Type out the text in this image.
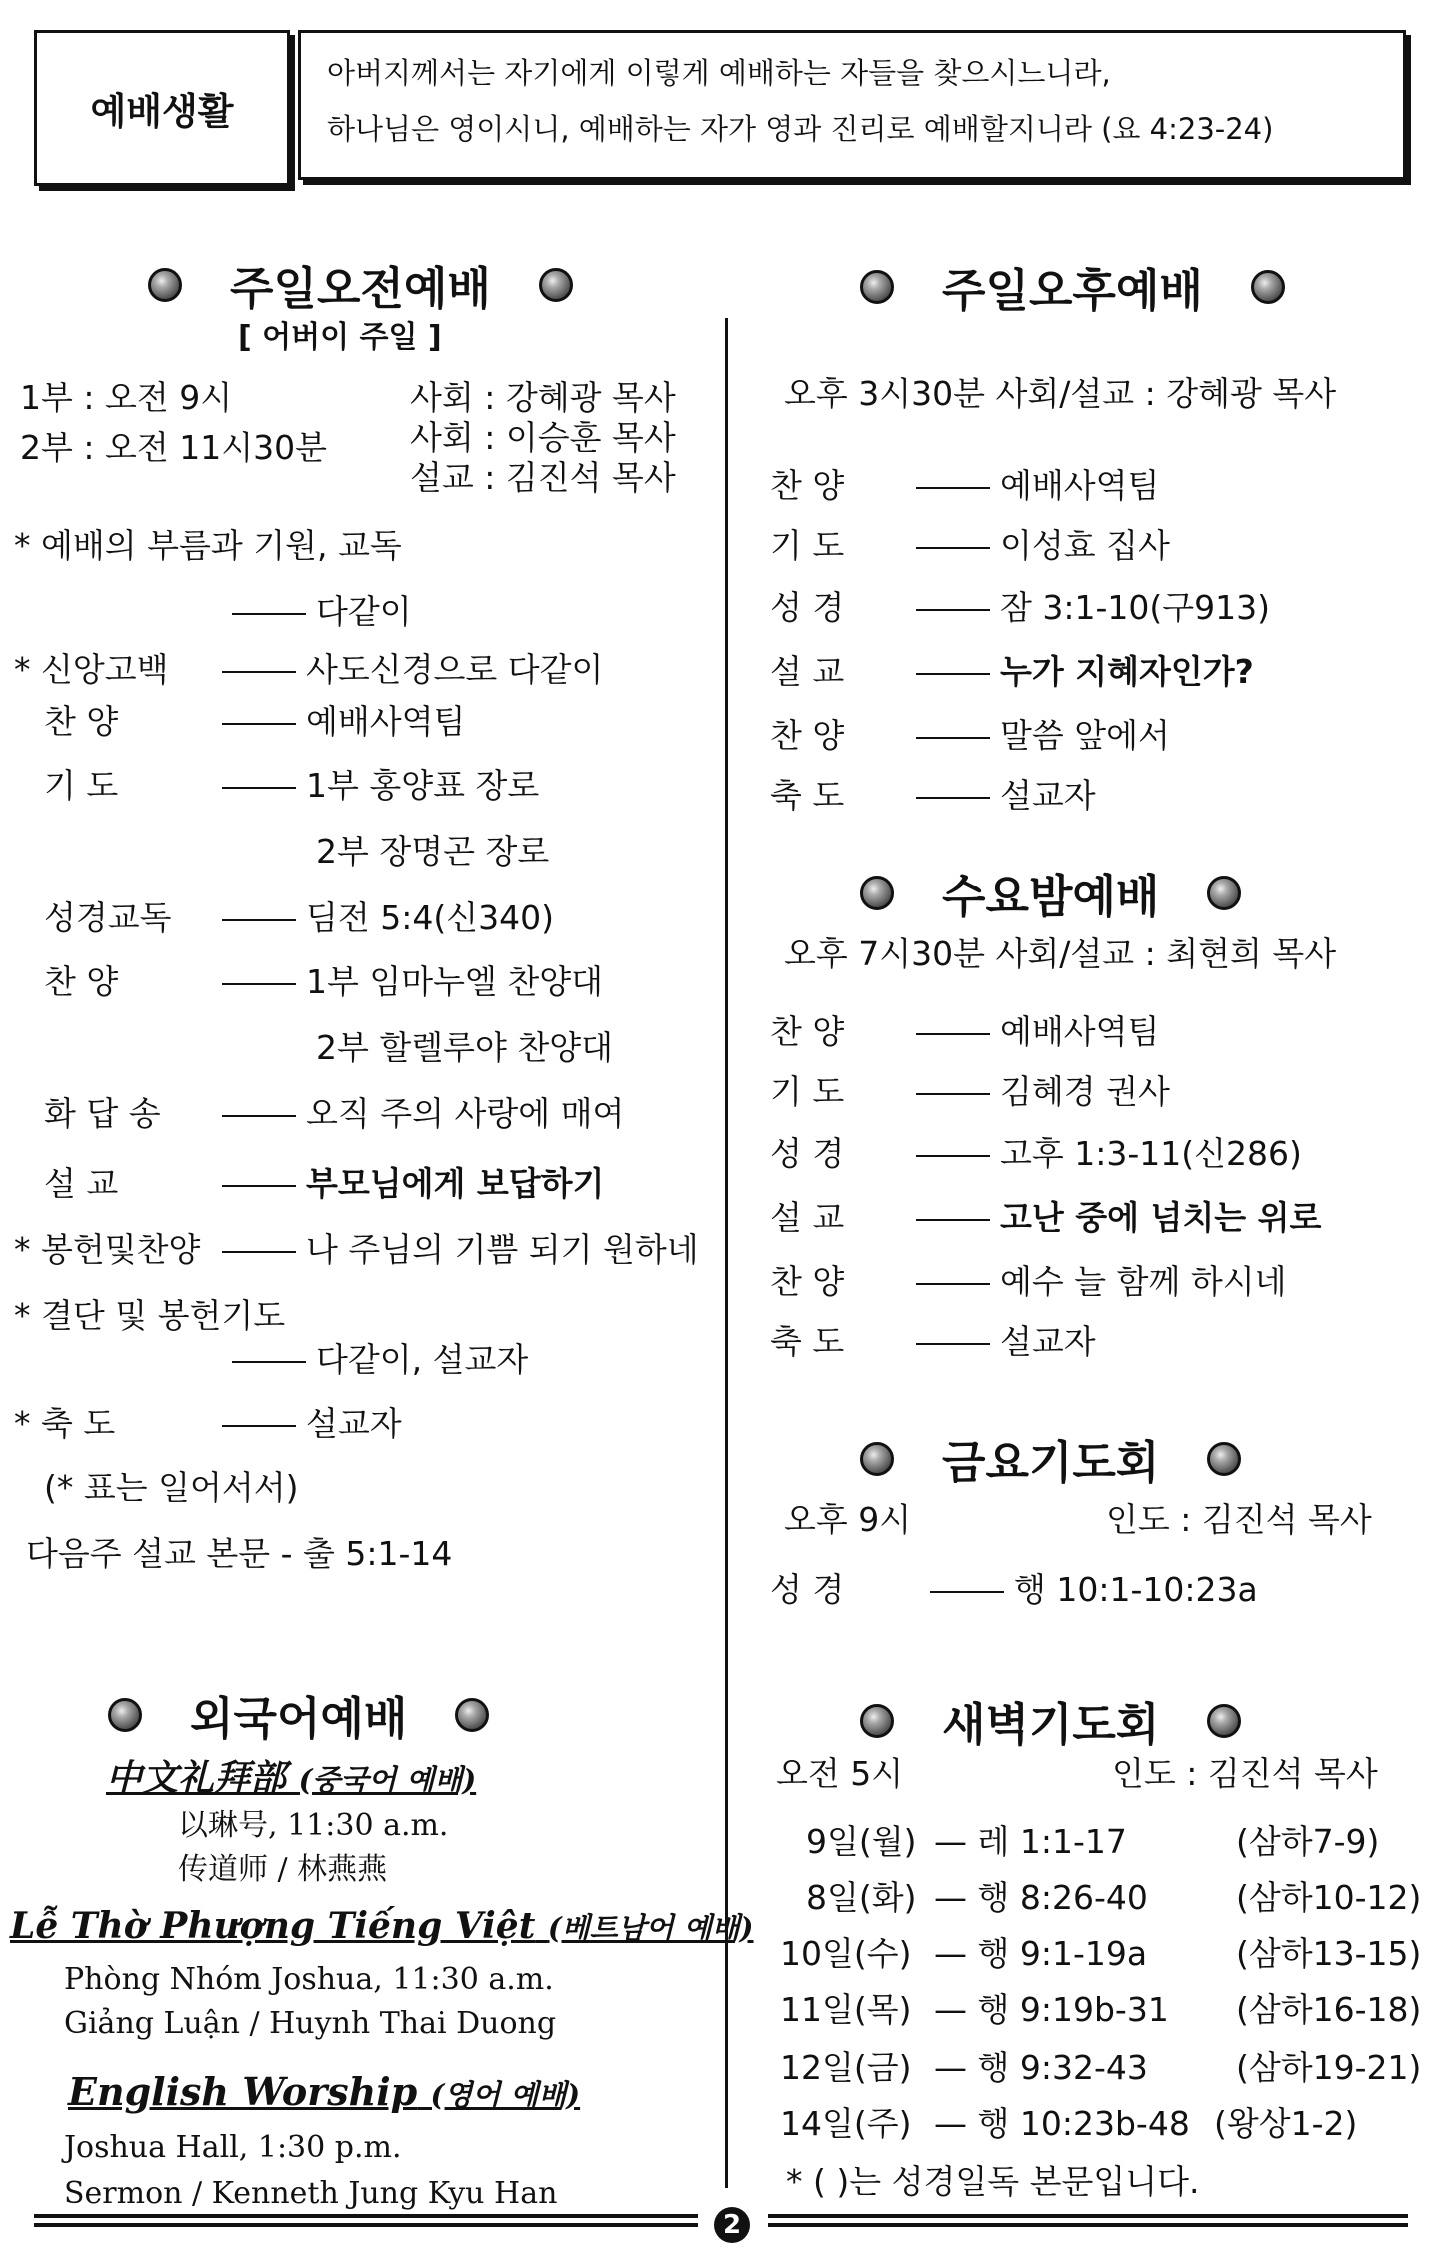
예배생활
아버지께서는 자기에게 이렇게 예배하는 자들을 찾으시느니라,
하나님은 영이시니, 예배하는 자가 영과 진리로 예배할지니라 (요 4:23-24)
주일오전예배
[ 어버이 주일 ]
1부 : 오전 9시
2부 : 오전 11시30분
사회 : 강혜광 목사
사회 : 이승훈 목사
설교 : 김진석 목사
* 예배의 부름과 기원, 교독
다같이
* 신앙고백	사도신경으로 다같이
찬 양	예배사역팀
기 도	1부 홍양표 장로
2부 장명곤 장로
성경교독	딤전 5:4(신340)
찬 양	1부 임마누엘 찬양대
2부 할렐루야 찬양대
화 답 송	오직 주의 사랑에 매여
설 교	부모님에게 보답하기
* 봉헌및찬양	나 주님의 기쁨 되기 원하네
* 결단 및 봉헌기도
다같이, 설교자
* 축 도	설교자
(* 표는 일어서서)
다음주 설교 본문 - 출 5:1-14
외국어예배
中文礼拜部 (중국어 예배)
以琳号, 11:30 a.m.
传道师 / 林燕燕
Lễ Thờ Phượng Tiếng Việt (베트남어 예배)
Phòng Nhóm Joshua, 11:30 a.m.
Giảng Luận / Huynh Thai Duong
English Worship (영어 예배)
Joshua Hall, 1:30 p.m.
Sermon / Kenneth Jung Kyu Han
주일오후예배
오후 3시30분 사회/설교 : 강혜광 목사
찬 양	예배사역팀
기 도	이성효 집사
성 경	잠 3:1-10(구913)
설 교	누가 지혜자인가?
찬 양	말씀 앞에서
축 도	설교자
수요밤예배
오후 7시30분 사회/설교 : 최현희 목사
찬 양	예배사역팀
기 도	김혜경 권사
성 경	고후 1:3-11(신286)
설 교	고난 중에 넘치는 위로
찬 양	예수 늘 함께 하시네
축 도	설교자
금요기도회
오후 9시	인도 : 김진석 목사
성 경	행 10:1-10:23a
새벽기도회
오전 5시	인도 : 김진석 목사
9일(월) — 레 1:1-17	(삼하7-9)
8일(화) — 행 8:26-40	(삼하10-12)
10일(수) — 행 9:1-19a	(삼하13-15)
11일(목) — 행 9:19b-31 (삼하16-18)
12일(금) — 행 9:32-43	(삼하19-21)
14일(주) — 행 10:23b-48 (왕상1-2)
* ( )는 성경일독 본문입니다.
2
